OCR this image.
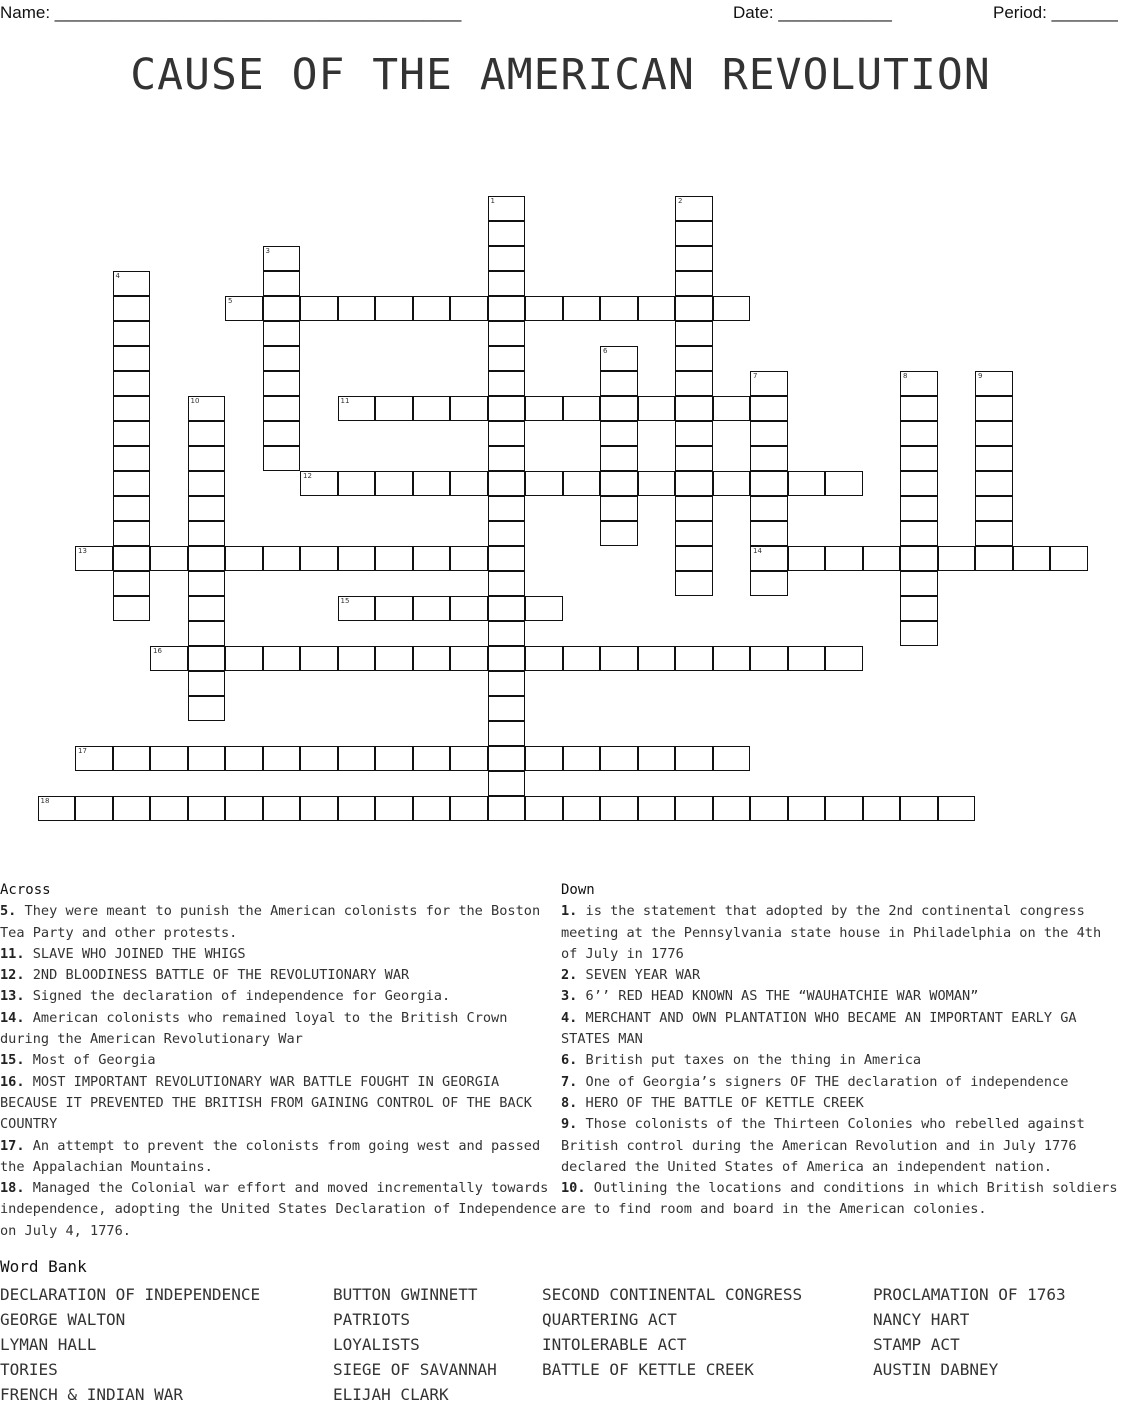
Name: ___________________________________________	Date: ____________	Period: _______
CAUSE OF THE AMERICAN REVOLUTION
1	2
3
4
5
6
7	8	9
10	11
12
13	14
15
16
17
18

Across

5. They were meant to punish the American colonists for the Boston Tea Party and other protests.

11. SLAVE WHO JOINED THE WHIGS

12. 2ND BLOODINESS BATTLE OF THE REVOLUTIONARY WAR

13. Signed the declaration of independence for Georgia.

14. American colonists who remained loyal to the British Crown during the American Revolutionary War

15. Most of Georgia

16. MOST IMPORTANT REVOLUTIONARY WAR BATTLE FOUGHT IN GEORGIA BECAUSE IT PREVENTED THE BRITISH FROM GAINING CONTROL OF THE BACK COUNTRY

17. An attempt to prevent the colonists from going west and passed the Appalachian Mountains.

18. Managed the Colonial war effort and moved incrementally towards independence, adopting the United States Declaration of Independence on July 4, 1776.

Down

1. is the statement that adopted by the 2nd continental congress meeting at the Pennsylvania state house in Philadelphia on the 4th of July in 1776

2. SEVEN YEAR WAR

3. 6’’ RED HEAD KNOWN AS THE “WAUHATCHIE WAR WOMAN”

4. MERCHANT AND OWN PLANTATION WHO BECAME AN IMPORTANT EARLY GA STATES MAN

6. British put taxes on the thing in America

7. One of Georgia’s signers OF THE declaration of independence

8. HERO OF THE BATTLE OF KETTLE CREEK

9. Those colonists of the Thirteen Colonies who rebelled against British control during the American Revolution and in July 1776 declared the United States of America an independent nation.

10. Outlining the locations and conditions in which British soldiers are to find room and board in the American colonies.

Word Bank
DECLARATION OF INDEPENDENCE
GEORGE WALTON
LYMAN HALL
TORIES
FRENCH & INDIAN WAR
BUTTON GWINNETT
PATRIOTS
LOYALISTS
SIEGE OF SAVANNAH
ELIJAH CLARK
SECOND CONTINENTAL CONGRESS
QUARTERING ACT
INTOLERABLE ACT
BATTLE OF KETTLE CREEK
PROCLAMATION OF 1763
NANCY HART
STAMP ACT
AUSTIN DABNEY
